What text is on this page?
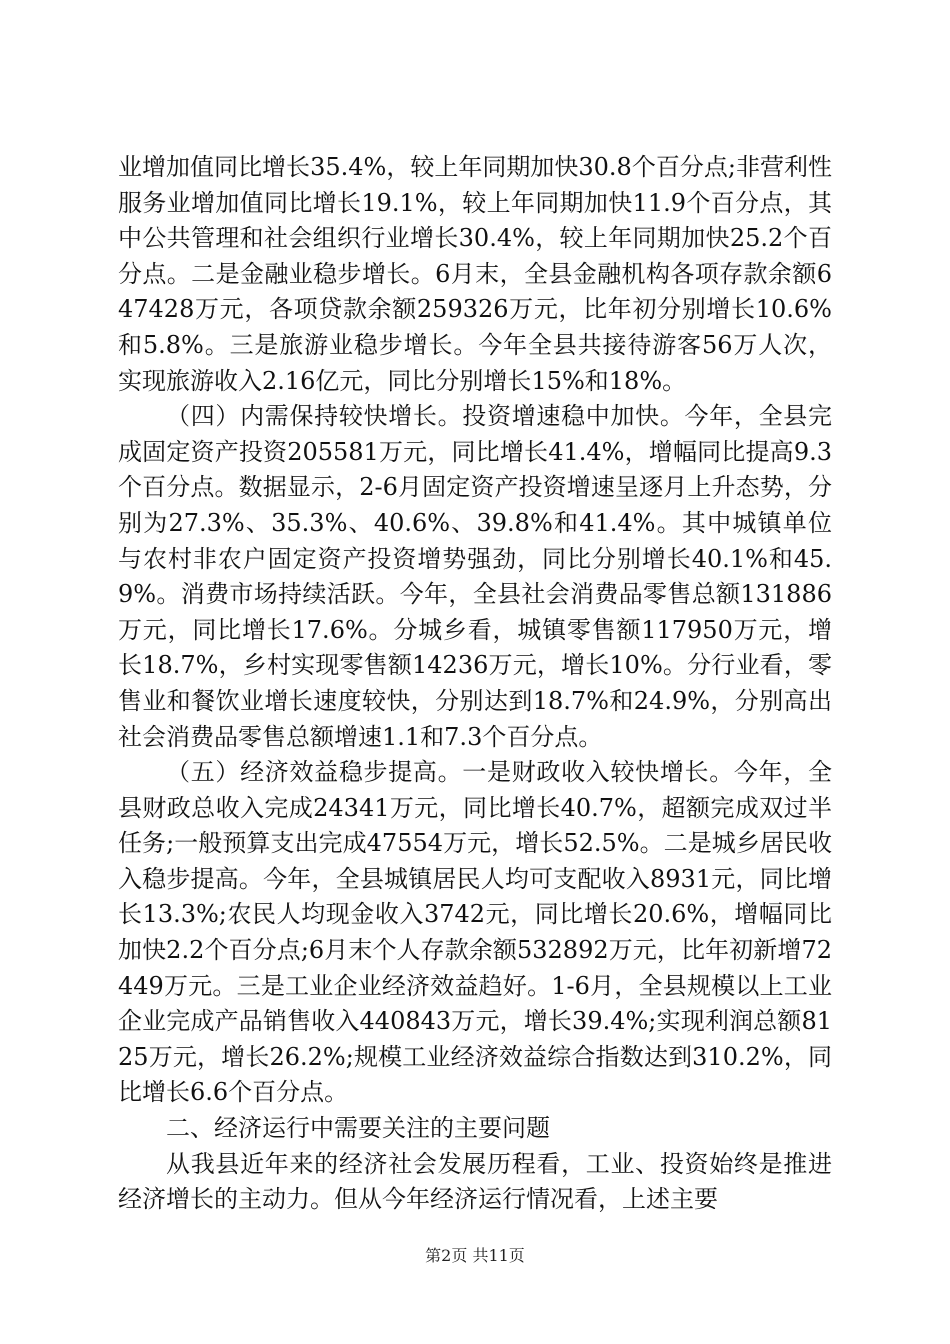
业增加值同比增长35.4%，较上年同期加快30.8个百分点;非营利性服务业增加值同比增长19.1%，较上年同期加快11.9个百分点，其中公共管理和社会组织行业增长30.4%，较上年同期加快25.2个百分点。二是金融业稳步增长。6月末，全县金融机构各项存款余额647428万元，各项贷款余额259326万元，比年初分别增长10.6%和5.8%。三是旅游业稳步增长。今年全县共接待游客56万人次，实现旅游收入2.16亿元，同比分别增长15%和18%。

（四）内需保持较快增长。投资增速稳中加快。今年，全县完成固定资产投资205581万元，同比增长41.4%，增幅同比提高9.3个百分点。数据显示，2-6月固定资产投资增速呈逐月上升态势，分别为27.3%、35.3%、40.6%、39.8%和41.4%。其中城镇单位与农村非农户固定资产投资增势强劲，同比分别增长40.1%和45.9%。消费市场持续活跃。今年，全县社会消费品零售总额131886万元，同比增长17.6%。分城乡看，城镇零售额117950万元，增长18.7%，乡村实现零售额14236万元，增长10%。分行业看，零售业和餐饮业增长速度较快，分别达到18.7%和24.9%，分别高出社会消费品零售总额增速1.1和7.3个百分点。

（五）经济效益稳步提高。一是财政收入较快增长。今年，全县财政总收入完成24341万元，同比增长40.7%，超额完成双过半任务;一般预算支出完成47554万元，增长52.5%。二是城乡居民收入稳步提高。今年，全县城镇居民人均可支配收入8931元，同比增长13.3%;农民人均现金收入3742元，同比增长20.6%，增幅同比加快2.2个百分点;6月末个人存款余额532892万元，比年初新增72449万元。三是工业企业经济效益趋好。1-6月，全县规模以上工业企业完成产品销售收入440843万元，增长39.4%;实现利润总额8125万元，增长26.2%;规模工业经济效益综合指数达到310.2%，同比增长6.6个百分点。

二、经济运行中需要关注的主要问题

从我县近年来的经济社会发展历程看，工业、投资始终是推进经济增长的主动力。但从今年经济运行情况看，上述主要

第2页 共11页
